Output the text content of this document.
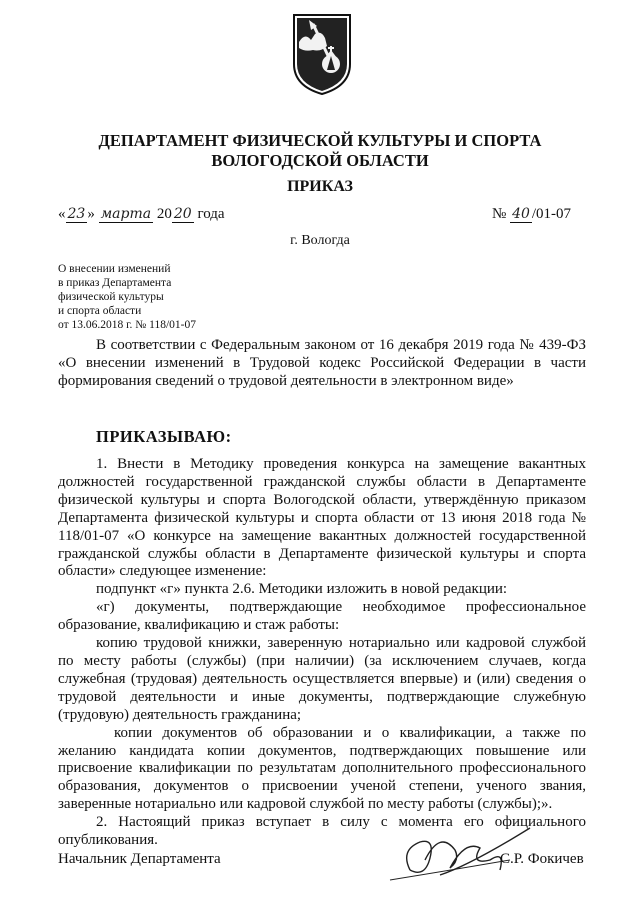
ДЕПАРТАМЕНТ ФИЗИЧЕСКОЙ КУЛЬТУРЫ И СПОРТА
ВОЛОГОДСКОЙ ОБЛАСТИ
ПРИКАЗ
« 23 » марта 20 20 года	№ 40 /01-07
г. Вологда
О внесении изменений
в приказ Департамента
физической культуры
и спорта области
от 13.06.2018 г. № 118/01-07

В соответствии с Федеральным законом от 16 декабря 2019 года № 439-ФЗ «О внесении изменений в Трудовой кодекс Российской Федерации в части формирования сведений о трудовой деятельности в электронном виде»

ПРИКАЗЫВАЮ:

1. Внести в Методику проведения конкурса на замещение вакантных должностей государственной гражданской службы области в Департаменте физической культуры и спорта Вологодской области, утверждённую приказом Департамента физической культуры и спорта области от 13 июня 2018 года № 118/01-07 «О конкурсе на замещение вакантных должностей государственной гражданской службы области в Департаменте физической культуры и спорта области» следующее изменение:

подпункт «г» пункта 2.6. Методики изложить в новой редакции:

«г) документы, подтверждающие необходимое профессиональное образование, квалификацию и стаж работы:

копию трудовой книжки, заверенную нотариально или кадровой службой по месту работы (службы) (при наличии) (за исключением случаев, когда служебная (трудовая) деятельность осуществляется впервые) и (или) сведения о трудовой деятельности и иные документы, подтверждающие служебную (трудовую) деятельность гражданина;

копии документов об образовании и о квалификации, а также по желанию кандидата копии документов, подтверждающих повышение или присвоение квалификации по результатам дополнительного профессионального образования, документов о присвоении ученой степени, ученого звания, заверенные нотариально или кадровой службой по месту работы (службы);».

2. Настоящий приказ вступает в силу с момента его официального опубликования.

Начальник Департамента	С.Р. Фокичев
